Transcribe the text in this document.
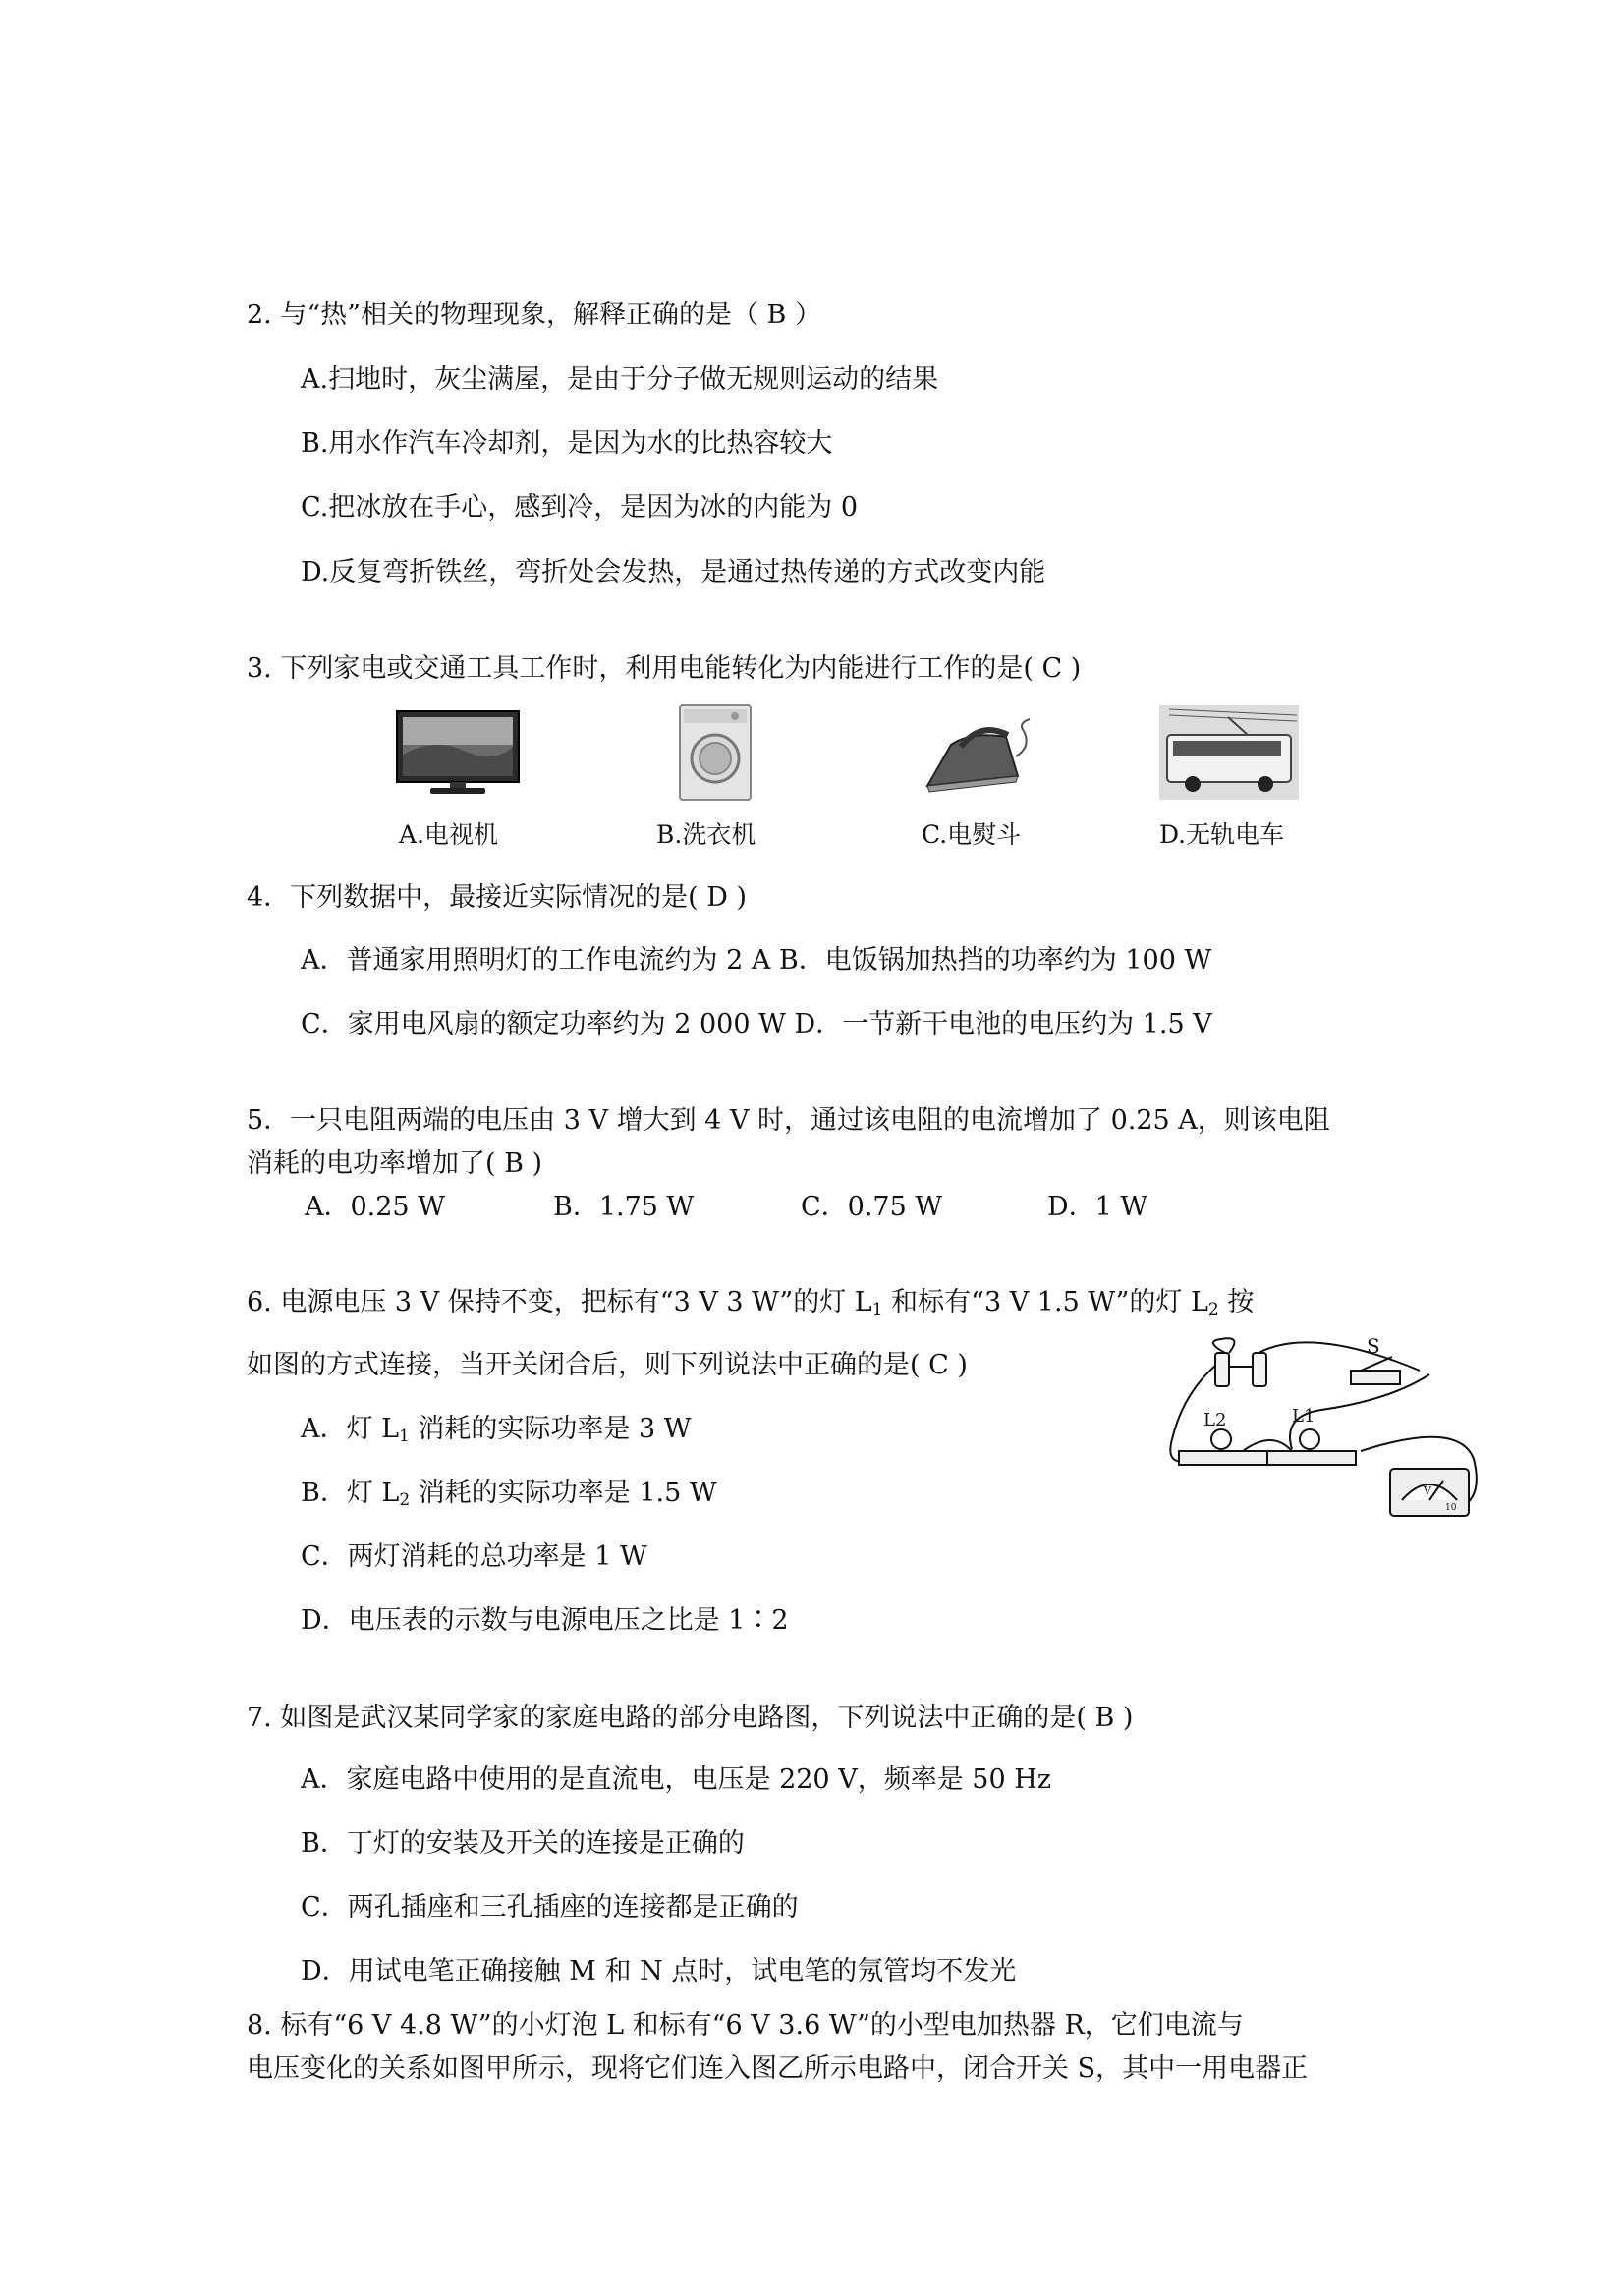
2. 与“热”相关的物理现象，解释正确的是（ B ）
A.扫地时，灰尘满屋，是由于分子做无规则运动的结果
B.用水作汽车冷却剂，是因为水的比热容较大
C.把冰放在手心，感到冷，是因为冰的内能为 0
D.反复弯折铁丝，弯折处会发热，是通过热传递的方式改变内能
3. 下列家电或交通工具工作时，利用电能转化为内能进行工作的是( C )
A.电视机	B.洗衣机	C.电熨斗	D.无轨电车
4．下列数据中，最接近实际情况的是( D )
A．普通家用照明灯的工作电流约为 2 A B．电饭锅加热挡的功率约为 100 W
C．家用电风扇的额定功率约为 2 000 W D．一节新干电池的电压约为 1.5 V
5．一只电阻两端的电压由 3 V 增大到 4 V 时，通过该电阻的电流增加了 0.25 A，则该电阻
消耗的电功率增加了( B )
A．0.25 W	B．1.75 W	C．0.75 W	D．1 W
6. 电源电压 3 V 保持不变，把标有“3 V 3 W”的灯 $L_1$ 和标有“3 V 1.5 W”的灯 $L_2$ 按
如图的方式连接，当开关闭合后，则下列说法中正确的是( C )
A．灯 $L_1$ 消耗的实际功率是 3 W
B．灯 $L_2$ 消耗的实际功率是 1.5 W
C．两灯消耗的总功率是 1 W
D．电压表的示数与电源电压之比是 1∶2
S
L2	L1
V
10
7. 如图是武汉某同学家的家庭电路的部分电路图，下列说法中正确的是( B )
A．家庭电路中使用的是直流电，电压是 220 V，频率是 50 Hz
B．丁灯的安装及开关的连接是正确的
C．两孔插座和三孔插座的连接都是正确的
D．用试电笔正确接触 M 和 N 点时，试电笔的氖管均不发光
8. 标有“6 V 4.8 W”的小灯泡 L 和标有“6 V 3.6 W”的小型电加热器 R，它们电流与
电压变化的关系如图甲所示，现将它们连入图乙所示电路中，闭合开关 S，其中一用电器正
